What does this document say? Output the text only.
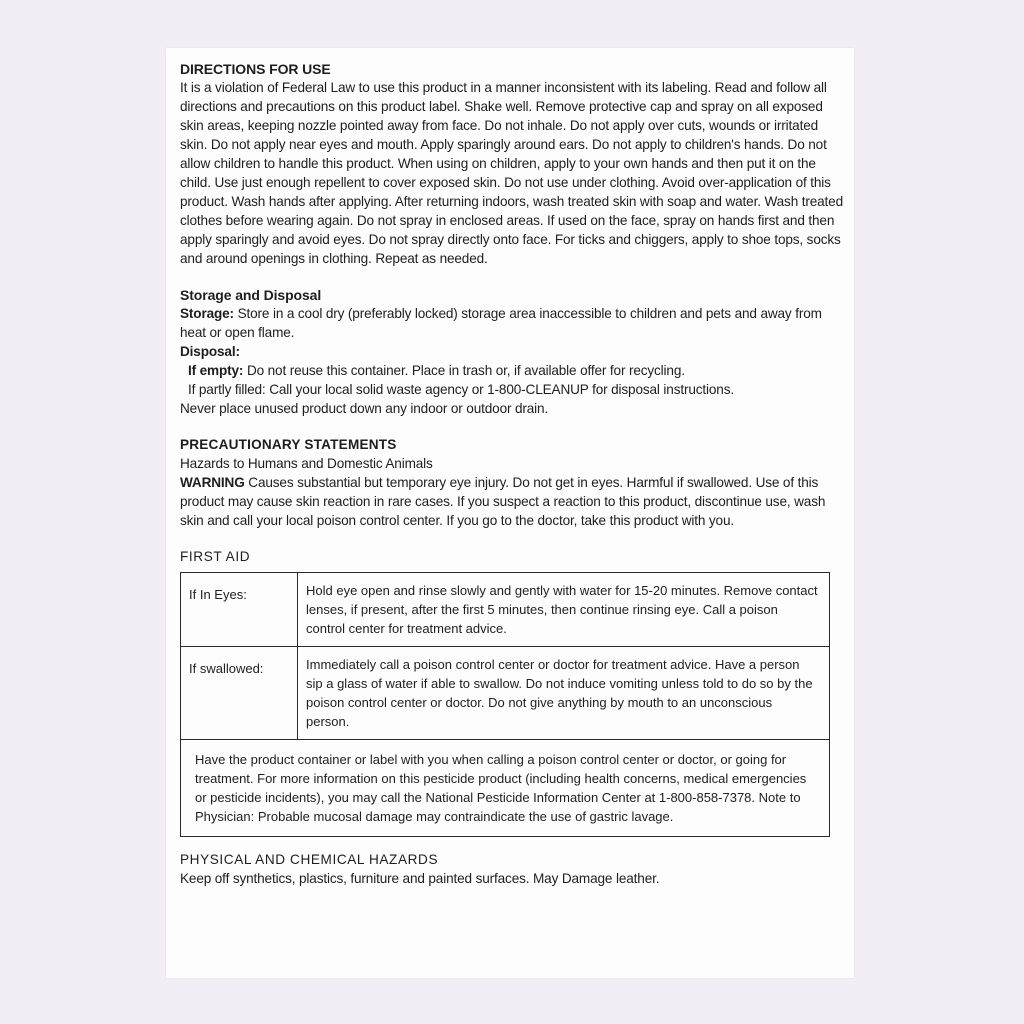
DIRECTIONS FOR USE
It is a violation of Federal Law to use this product in a manner inconsistent with its labeling. Read and follow all directions and precautions on this product label. Shake well. Remove protective cap and spray on all exposed skin areas, keeping nozzle pointed away from face. Do not inhale. Do not apply over cuts, wounds or irritated skin. Do not apply near eyes and mouth. Apply sparingly around ears. Do not apply to children's hands. Do not allow children to handle this product. When using on children, apply to your own hands and then put it on the child. Use just enough repellent to cover exposed skin. Do not use under clothing. Avoid over-application of this product. Wash hands after applying. After returning indoors, wash treated skin with soap and water. Wash treated clothes before wearing again. Do not spray in enclosed areas. If used on the face, spray on hands first and then apply sparingly and avoid eyes. Do not spray directly onto face. For ticks and chiggers, apply to shoe tops, socks and around openings in clothing. Repeat as needed.
Storage and Disposal
Storage: Store in a cool dry (preferably locked) storage area inaccessible to children and pets and away from heat or open flame.
Disposal:
If empty: Do not reuse this container. Place in trash or, if available offer for recycling.
If partly filled: Call your local solid waste agency or 1-800-CLEANUP for disposal instructions.
Never place unused product down any indoor or outdoor drain.
PRECAUTIONARY STATEMENTS
Hazards to Humans and Domestic Animals
WARNING Causes substantial but temporary eye injury. Do not get in eyes. Harmful if swallowed. Use of this product may cause skin reaction in rare cases. If you suspect a reaction to this product, discontinue use, wash skin and call your local poison control center. If you go to the doctor, take this product with you.
FIRST AID
If In Eyes:	Hold eye open and rinse slowly and gently with water for 15-20 minutes. Remove contact lenses, if present, after the first 5 minutes, then continue rinsing eye. Call a poison control center for treatment advice.
If swallowed:	Immediately call a poison control center or doctor for treatment advice. Have a person sip a glass of water if able to swallow. Do not induce vomiting unless told to do so by the poison control center or doctor. Do not give anything by mouth to an unconscious person.
Have the product container or label with you when calling a poison control center or doctor, or going for treatment. For more information on this pesticide product (including health concerns, medical emergencies or pesticide incidents), you may call the National Pesticide Information Center at 1-800-858-7378. Note to Physician: Probable mucosal damage may contraindicate the use of gastric lavage.	
PHYSICAL AND CHEMICAL HAZARDS
Keep off synthetics, plastics, furniture and painted surfaces. May Damage leather.
